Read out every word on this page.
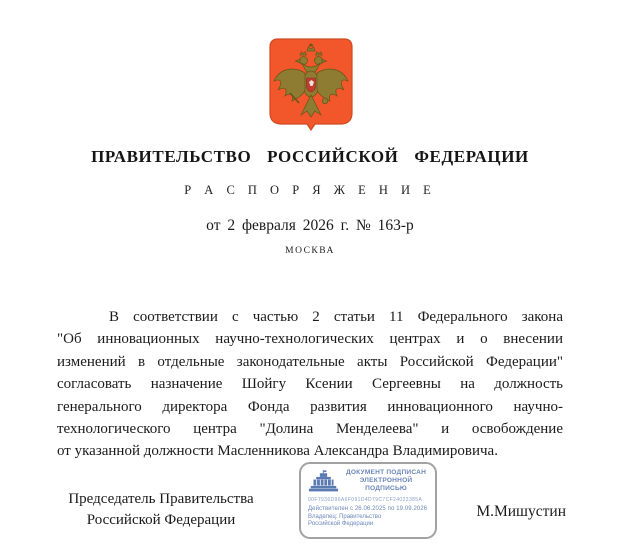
ПРАВИТЕЛЬСТВО РОССИЙСКОЙ ФЕДЕРАЦИИ
Р А С П О Р Я Ж Е Н И Е
от 2 февраля 2026 г. № 163-р
МОСКВА
В соответствии с частью 2 статьи 11 Федерального закона
"Об инновационных научно-технологических центрах и о внесении
изменений в отдельные законодательные акты Российской Федерации"
согласовать назначение Шойгу Ксении Сергеевны на должность
генерального директора Фонда развития инновационного научно-
технологического центра "Долина Менделеева" и освобождение
от указанной должности Масленникова Александра Владимировича.
Председатель Правительства
Российской Федерации
ДОКУМЕНТ ПОДПИСАН
ЭЛЕКТРОННОЙ ПОДПИСЬЮ
00F7936D96A6F091D4D79C7CF24023385A
Действителен с 26.06.2025 по 19.09.2026
Владелец: Правительство Российской Федерации
М.Мишустин
